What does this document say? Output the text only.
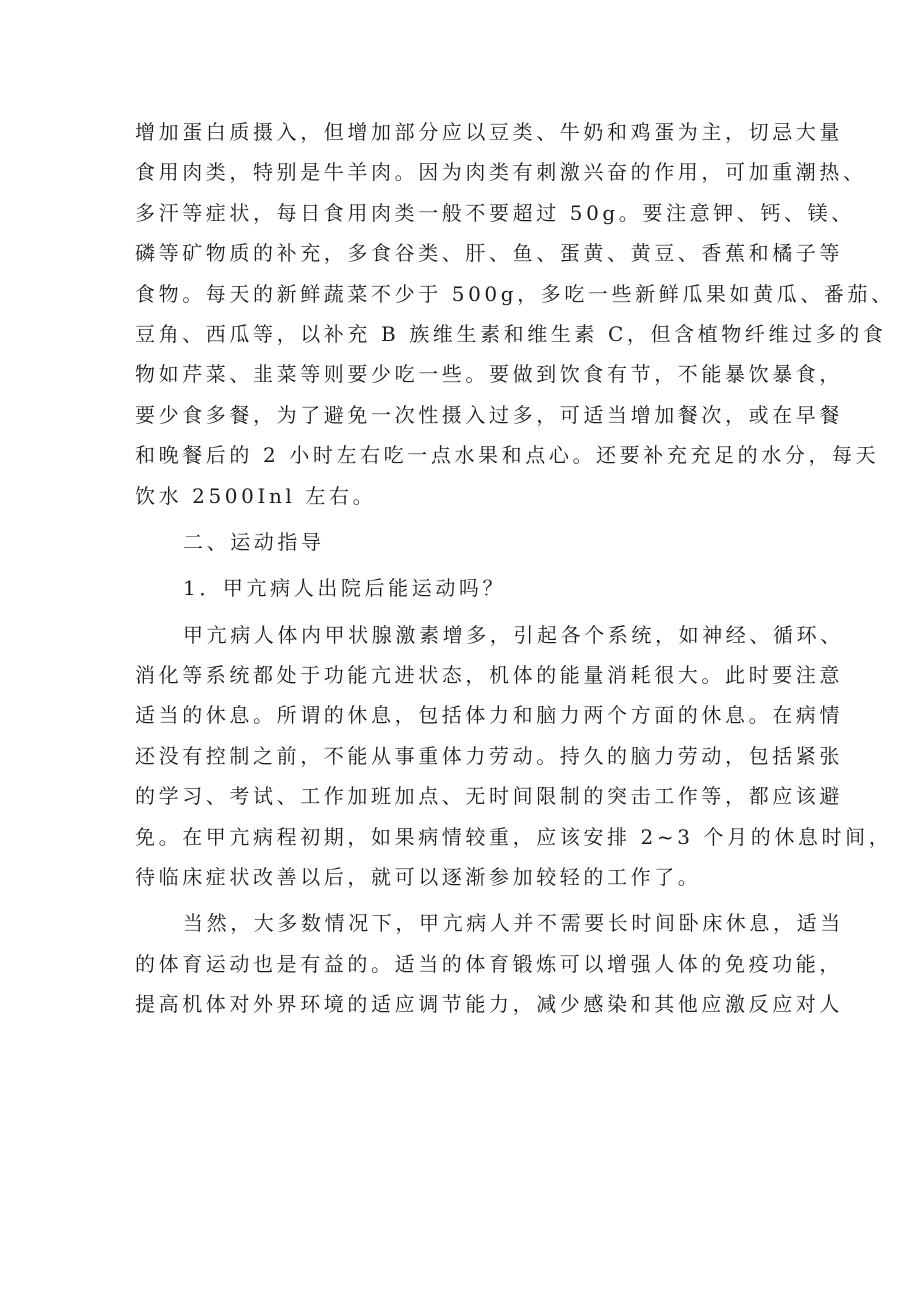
增加蛋白质摄入，但增加部分应以豆类、牛奶和鸡蛋为主，切忌大量
食用肉类，特别是牛羊肉。因为肉类有刺激兴奋的作用，可加重潮热、
多汗等症状，每日食用肉类一般不要超过 50g。要注意钾、钙、镁、
磷等矿物质的补充，多食谷类、肝、鱼、蛋黄、黄豆、香蕉和橘子等
食物。每天的新鲜蔬菜不少于 500g，多吃一些新鲜瓜果如黄瓜、番茄、
豆角、西瓜等，以补充 B 族维生素和维生素 C，但含植物纤维过多的食
物如芹菜、韭菜等则要少吃一些。要做到饮食有节，不能暴饮暴食，
要少食多餐，为了避免一次性摄入过多，可适当增加餐次，或在早餐
和晚餐后的 2 小时左右吃一点水果和点心。还要补充充足的水分，每天
饮水 2500Inl 左右。
二、运动指导
1．甲亢病人出院后能运动吗？
甲亢病人体内甲状腺激素增多，引起各个系统，如神经、循环、
消化等系统都处于功能亢进状态，机体的能量消耗很大。此时要注意
适当的休息。所谓的休息，包括体力和脑力两个方面的休息。在病情
还没有控制之前，不能从事重体力劳动。持久的脑力劳动，包括紧张
的学习、考试、工作加班加点、无时间限制的突击工作等，都应该避
免。在甲亢病程初期，如果病情较重，应该安排 2~3 个月的休息时间，
待临床症状改善以后，就可以逐渐参加较轻的工作了。
当然，大多数情况下，甲亢病人并不需要长时间卧床休息，适当
的体育运动也是有益的。适当的体育锻炼可以增强人体的免疫功能，
提高机体对外界环境的适应调节能力，减少感染和其他应激反应对人
